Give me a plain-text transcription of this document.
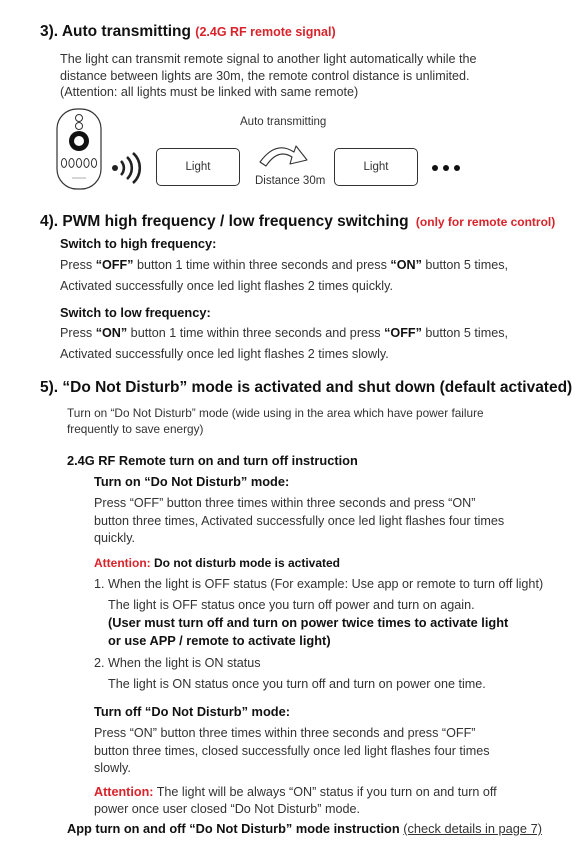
3). Auto transmitting (2.4G RF remote signal)
The light can transmit remote signal to another light automatically while the
distance between lights are 30m, the remote control distance is unlimited.
(Attention: all lights must be linked with same remote)
Light
Auto transmitting
Distance 30m
Light
4). PWM high frequency / low frequency switching (only for remote control)
Switch to high frequency:
Press “OFF” button 1 time within three seconds and press “ON” button 5 times,
Activated successfully once led light flashes 2 times quickly.
Switch to low frequency:
Press “ON” button 1 time within three seconds and press “OFF” button 5 times,
Activated successfully once led light flashes 2 times slowly.
5). “Do Not Disturb” mode is activated and shut down (default activated)
Turn on “Do Not Disturb” mode (wide using in the area which have power failure
frequently to save energy)
2.4G RF Remote turn on and turn off instruction
Turn on “Do Not Disturb” mode:
Press “OFF” button three times within three seconds and press “ON”
button three times, Activated successfully once led light flashes four times
quickly.
Attention: Do not disturb mode is activated
1. When the light is OFF status (For example: Use app or remote to turn off light)
The light is OFF status once you turn off power and turn on again.
(User must turn off and turn on power twice times to activate light
or use APP / remote to activate light)
2. When the light is ON status
The light is ON status once you turn off and turn on power one time.
Turn off “Do Not Disturb” mode:
Press “ON” button three times within three seconds and press “OFF”
button three times, closed successfully once led light flashes four times
slowly.
Attention: The light will be always “ON” status if you turn on and turn off
power once user closed “Do Not Disturb” mode.
App turn on and off “Do Not Disturb” mode instruction (check details in page 7)
